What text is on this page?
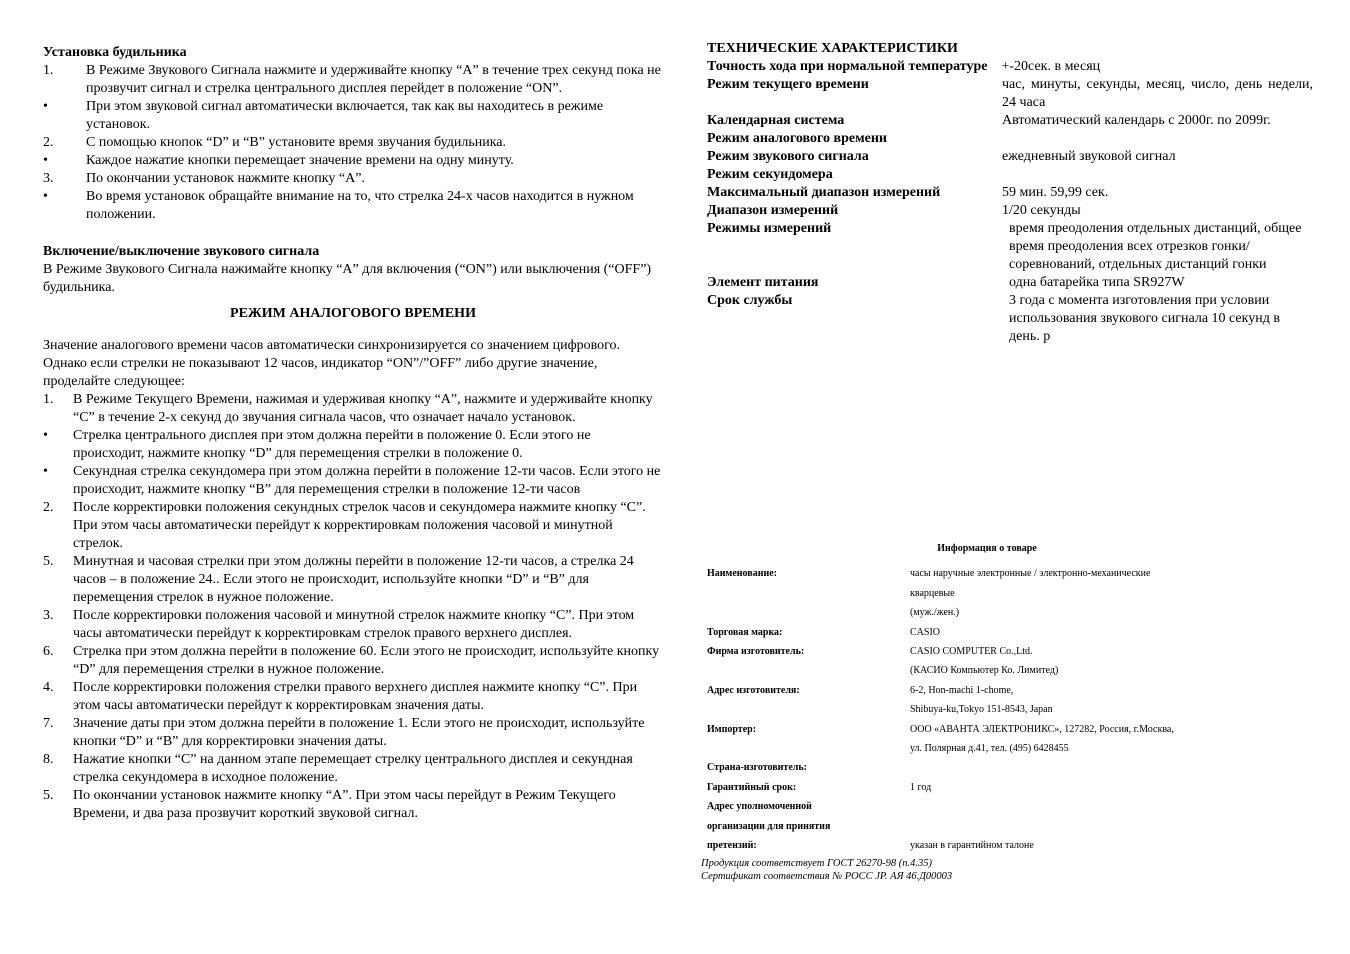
Установка будильника

1.	В Режиме Звукового Сигнала нажмите и удерживайте кнопку “А” в течение трех секунд пока не прозвучит сигнал и стрелка центрального дисплея перейдет в положение “ON”.
•	При этом звуковой сигнал автоматически включается, так как вы находитесь в режиме установок.
2.	С помощью кнопок “D” и “B” установите время звучания будильника.
•	Каждое нажатие кнопки перемещает значение времени на одну минуту.
3.	По окончании установок нажмите кнопку “А”.
•	Во время установок обращайте внимание на то, что стрелка 24-х часов находится в нужном положении.

Включение/выключение звукового сигнала

В Режиме Звукового Сигнала нажимайте кнопку “А” для включения (“ON”) или выключения (“OFF”) будильника.

РЕЖИМ АНАЛОГОВОГО ВРЕМЕНИ

Значение аналогового времени часов автоматически синхронизируется со значением цифрового. Однако если стрелки не показывают 12 часов, индикатор “ON”/”OFF” либо другие значение, проделайте следующее:

1.	В Режиме Текущего Времени, нажимая и удерживая кнопку “А”, нажмите и удерживайте кнопку “C” в течение 2-х секунд до звучания сигнала часов, что означает начало установок.
•	Стрелка центрального дисплея при этом должна перейти в положение 0. Если этого не происходит, нажмите кнопку “D” для перемещения стрелки в положение 0.
•	Секундная стрелка секундомера при этом должна перейти в положение 12-ти часов. Если этого не происходит, нажмите кнопку “B” для перемещения стрелки в положение 12-ти часов
2.	После корректировки положения секундных стрелок часов и секундомера нажмите кнопку “C”. При этом часы автоматически перейдут к корректировкам положения часовой и минутной стрелок.
5.	Минутная и часовая стрелки при этом должны перейти в положение 12-ти часов, а стрелка 24 часов – в положение 24.. Если этого не происходит, используйте кнопки “D” и “B” для перемещения стрелок в нужное положение.
3.	После корректировки положения часовой и минутной стрелок нажмите кнопку “C”. При этом часы автоматически перейдут к корректировкам стрелок правого верхнего дисплея.
6.	Стрелка при этом должна перейти в положение 60. Если этого не происходит, используйте кнопку “D” для перемещения стрелки в нужное положение.
4.	После корректировки положения стрелки правого верхнего дисплея нажмите кнопку “C”. При этом часы автоматически перейдут к корректировкам значения даты.
7.	Значение даты при этом должна перейти в положение 1. Если этого не происходит, используйте кнопки “D” и “B” для корректировки значения даты.
8.	Нажатие кнопки “C” на данном этапе перемещает стрелку центрального дисплея и секундная стрелка секундомера в исходное положение.
5.	По окончании установок нажмите кнопку “А”. При этом часы перейдут в Режим Текущего Времени, и два раза прозвучит короткий звуковой сигнал.

ТЕХНИЧЕСКИЕ ХАРАКТЕРИСТИКИ

Точность хода при нормальной температуре +-20сек. в месяц
Режим текущего времени	час, минуты, секунды, месяц, число, день недели, 24 часа
Календарная система	Автоматический календарь с 2000г. по 2099г.
Режим аналогового времени
Режим звукового сигнала	ежедневный звуковой сигнал
Режим секундомера
Максимальный диапазон измерений	59 мин. 59,99 сек.
Диапазон измерений	1/20 секунды
Режимы измерений	время преодоления отдельных дистанций, общее время преодоления всех отрезков гонки/соревнований, отдельных дистанций гонки
Элемент питания	одна батарейка типа SR927W
Срок службы	3 года с момента изготовления при условии использования звукового сигнала 10 секунд в день. р
Информация о товаре
Наименование:	часы наручные электронные / электронно-механические
кварцевые
(муж./жен.)
Торговая марка:	CASIO
Фирма изготовитель:	CASIO COMPUTER Co.,Ltd.
(КАСИО Компьютер Ко. Лимитед)
Адрес изготовителя:	6-2, Hon-machi 1-chome,
Shibuya-ku,Tokyo 151-8543, Japan
Импортер:	ООО «АВАНТА ЭЛЕКТРОНИКС», 127282, Россия, г.Москва,
ул. Полярная д.41, тел. (495) 6428455
Страна-изготовитель:
Гарантийный срок:	1 год
Адрес уполномоченной
организации для принятия
претензий:	указан в гарантийном талоне
Продукция соответствует ГОСТ 26270-98 (п.4.35)
Сертификат соответствия № РОСС JP. АЯ 46.Д00003
